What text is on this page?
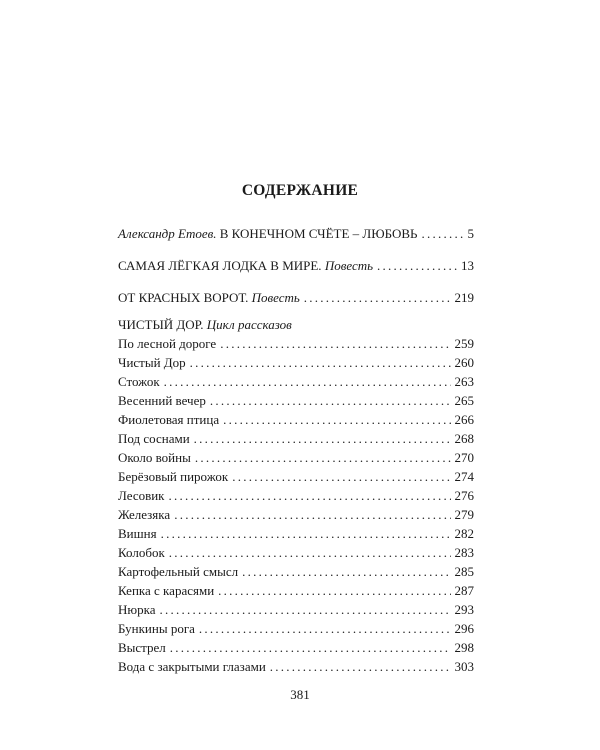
СОДЕРЖАНИЕ
Александр Етоев. В КОНЕЧНОМ СЧЁТЕ – ЛЮБОВЬ . . .	5
САМАЯ ЛЁГКАЯ ЛОДКА В МИРЕ. Повесть . . .	13
ОТ КРАСНЫХ ВОРОТ. Повесть . . .	219
ЧИСТЫЙ ДОР. Цикл рассказов
По лесной дороге . . .	259
Чистый Дор . . .	260
Стожок . . .	263
Весенний вечер . . .	265
Фиолетовая птица . . .	266
Под соснами . . .	268
Около войны . . .	270
Берёзовый пирожок . . .	274
Лесовик . . .	276
Железяка . . .	279
Вишня . . .	282
Колобок . . .	283
Картофельный смысл . . .	285
Кепка с карасями . . .	287
Нюрка . . .	293
Бункины рога . . .	296
Выстрел . . .	298
Вода с закрытыми глазами . . .	303
381
